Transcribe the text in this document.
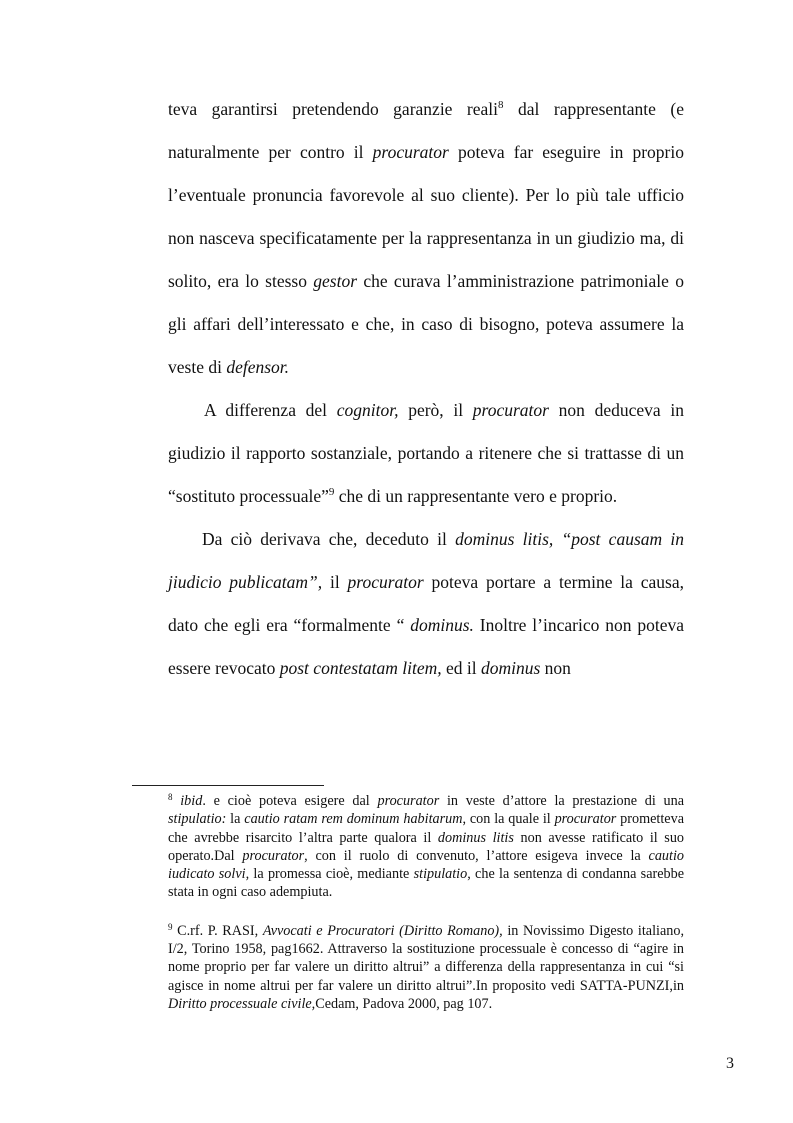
teva garantirsi pretendendo garanzie reali$^8$ dal rappresentante (e naturalmente per contro il procurator poteva far eseguire in proprio l’eventuale pronuncia favorevole al suo cliente). Per lo più tale ufficio non nasceva specificatamente per la rappresentanza in un giudizio ma, di solito, era lo stesso gestor che curava l’amministrazione patrimoniale o gli affari dell’interessato e che, in caso di bisogno, poteva assumere la veste di defensor.

A differenza del cognitor, però, il procurator non deduceva in giudizio il rapporto sostanziale, portando a ritenere che si trattasse di un “sostituto processuale”$^9$ che di un rappresentante vero e proprio.

Da ciò derivava che, deceduto il dominus litis, “post causam in jiudicio publicatam”, il procurator poteva portare a termine la causa, dato che egli era “formalmente “ dominus. Inoltre l’incarico non poteva essere revocato post contestatam litem, ed il dominus non

$^8$ ibid. e cioè poteva esigere dal procurator in veste d’attore la prestazione di una stipulatio: la cautio ratam rem dominum habitarum, con la quale il procurator prometteva che avrebbe risarcito l’altra parte qualora il dominus litis non avesse ratificato il suo operato.Dal procurator, con il ruolo di convenuto, l’attore esigeva invece la cautio iudicato solvi, la promessa cioè, mediante stipulatio, che la sentenza di condanna sarebbe stata in ogni caso adempiuta.

$^9$ C.rf. P. RASI, Avvocati e Procuratori (Diritto Romano), in Novissimo Digesto italiano, I/2, Torino 1958, pag1662. Attraverso la sostituzione processuale è concesso di “agire in nome proprio per far valere un diritto altrui” a differenza della rappresentanza in cui “si agisce in nome altrui per far valere un diritto altrui”.In proposito vedi SATTA-PUNZI,in Diritto processuale civile,Cedam, Padova 2000, pag 107.

3
